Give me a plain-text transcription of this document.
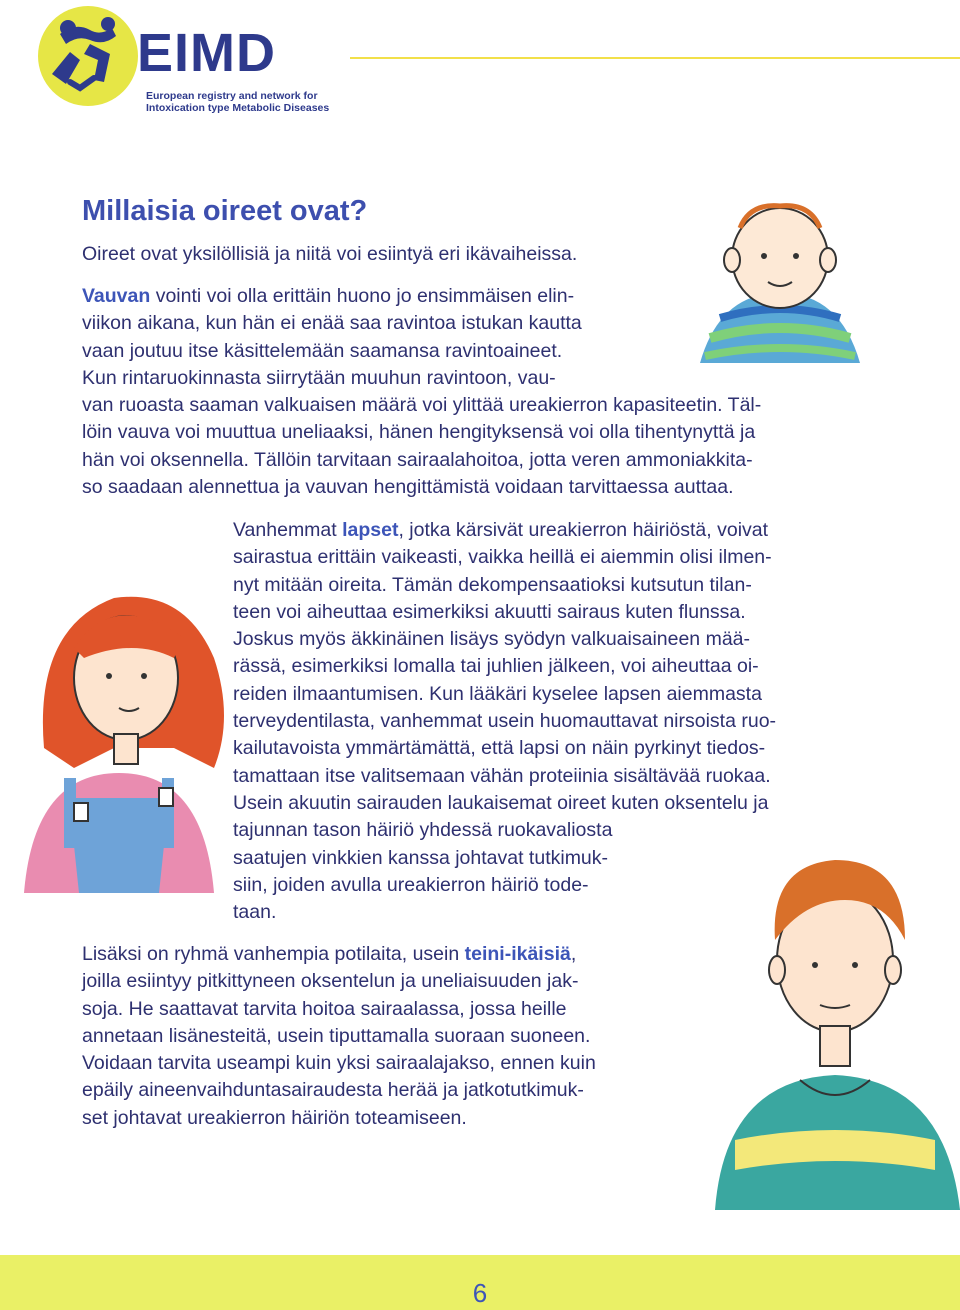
EIMD
European registry and network for
Intoxication type Metabolic Diseases
Millaisia oireet ovat?
Oireet ovat yksilöllisiä ja niitä voi esiintyä eri ikävaiheissa.
Vauvan vointi voi olla erittäin huono jo ensimmäisen elin-
viikon aikana, kun hän ei enää saa ravintoa istukan kautta
vaan joutuu itse käsittelemään saamansa ravintoaineet.
Kun rintaruokinnasta siirrytään muuhun ravintoon, vau-
van ruoasta saaman valkuaisen määrä voi ylittää ureakierron kapasiteetin. Täl-
löin vauva voi muuttua uneliaaksi, hänen hengityksensä voi olla tihentynyttä ja
hän voi oksennella. Tällöin tarvitaan sairaalahoitoa, jotta veren ammoniakkita-
so saadaan alennettua ja vauvan hengittämistä voidaan tarvittaessa auttaa.
Vanhemmat lapset, jotka kärsivät ureakierron häiriöstä, voivat
sairastua erittäin vaikeasti, vaikka heillä ei aiemmin olisi ilmen-
nyt mitään oireita. Tämän dekompensaatioksi kutsutun tilan-
teen voi aiheuttaa esimerkiksi akuutti sairaus kuten flunssa.
Joskus myös äkkinäinen lisäys syödyn valkuaisaineen mää-
rässä, esimerkiksi lomalla tai juhlien jälkeen, voi aiheuttaa oi-
reiden ilmaantumisen. Kun lääkäri kyselee lapsen aiemmasta
terveydentilasta, vanhemmat usein huomauttavat nirsoista ruo-
kailutavoista ymmärtämättä, että lapsi on näin pyrkinyt tiedos-
tamattaan itse valitsemaan vähän proteiinia sisältävää ruokaa.
Usein akuutin sairauden laukaisemat oireet kuten oksentelu ja
tajunnan tason häiriö yhdessä ruokavaliosta
saatujen vinkkien kanssa johtavat tutkimuk-
siin, joiden avulla ureakierron häiriö tode-
taan.
Lisäksi on ryhmä vanhempia potilaita, usein teini-ikäisiä,
joilla esiintyy pitkittyneen oksentelun ja uneliaisuuden jak-
soja. He saattavat tarvita hoitoa sairaalassa, jossa heille
annetaan lisänesteitä, usein tiputtamalla suoraan suoneen.
Voidaan tarvita useampi kuin yksi sairaalajakso, ennen kuin
epäily aineenvaihduntasairaudesta herää ja jatkotutkimuk-
set johtavat ureakierron häiriön toteamiseen.
6
